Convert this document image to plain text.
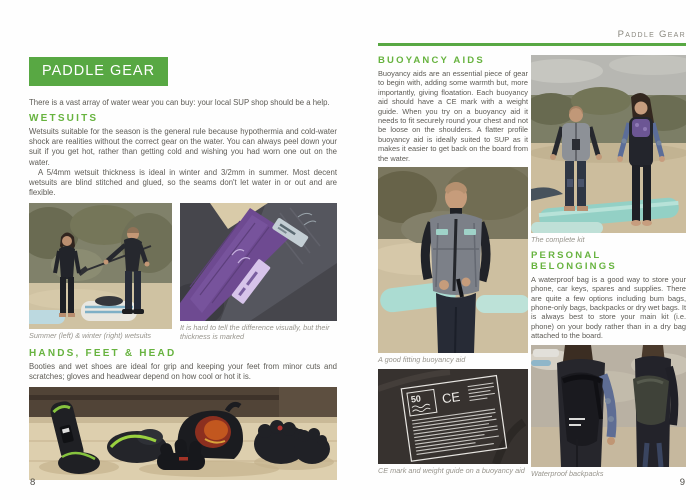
PADDLE GEAR

There is a vast array of water wear you can buy: your local SUP shop should be a help.

WETSUITS

Wetsuits suitable for the season is the general rule because hypothermia and cold-water shock are realities without the correct gear on the water. You can always peel down your suit if you get hot, rather than getting cold and wishing you had worn one out on the water.

A 5/4mm wetsuit thickness is ideal in winter and 3/2mm in summer. Most decent wetsuits are blind stitched and glued, so the seams don't let water in or out and are flexible.

Summer (left) & winter (right) wetsuits
It is hard to tell the difference visually, but their thickness is marked
HANDS, FEET & HEAD

Booties and wet shoes are ideal for grip and keeping your feet from minor cuts and scratches; gloves and headwear depend on how cool or hot it is.

8
Paddle Gear
BUOYANCY AIDS

Buoyancy aids are an essential piece of gear to begin with, adding some warmth but, more importantly, giving floatation. Each buoyancy aid should have a CE mark with a weight guide. When you try on a buoyancy aid it needs to fit securely round your chest and not be loose on the shoulders. A flatter profile buoyancy aid is ideally suited to SUP as it makes it easier to get back on the board from the water.

A good fitting buoyancy aid
50 CE
CE mark and weight guide on a buoyancy aid
The complete kit
PERSONAL BELONGINGS

A waterproof bag is a good way to store your phone, car keys, spares and supplies. There are quite a few options including bum bags, phone-only bags, backpacks or dry wet bags. It is always best to store your main kit (i.e. phone) on your body rather than in a dry bag attached to the board.

Waterproof backpacks
9
